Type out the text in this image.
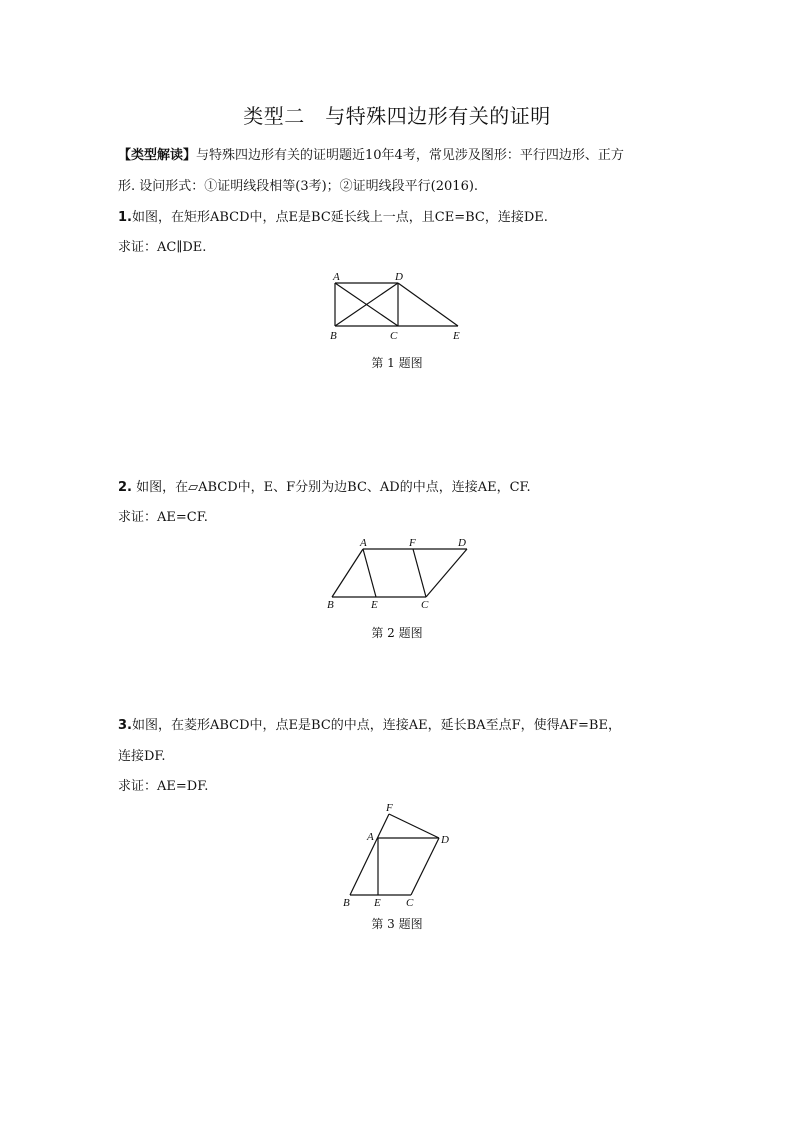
类型二　与特殊四边形有关的证明
【类型解读】与特殊四边形有关的证明题近10年4考，常见涉及图形：平行四边形、正方
形. 设问形式：①证明线段相等(3考)；②证明线段平行(2016).
1.如图，在矩形ABCD中，点E是BC延长线上一点，且CE=BC，连接DE.
求证：AC∥DE.
A	D
B	C	E
第 1 题图
2. 如图，在▱ABCD中，E、F分别为边BC、AD的中点，连接AE，CF.
求证：AE=CF.
A	F	D
B	E	C
第 2 题图
3.如图，在菱形ABCD中，点E是BC的中点，连接AE，延长BA至点F，使得AF=BE，
连接DF.
求证：AE=DF.
F
A	D
B E C
第 3 题图
